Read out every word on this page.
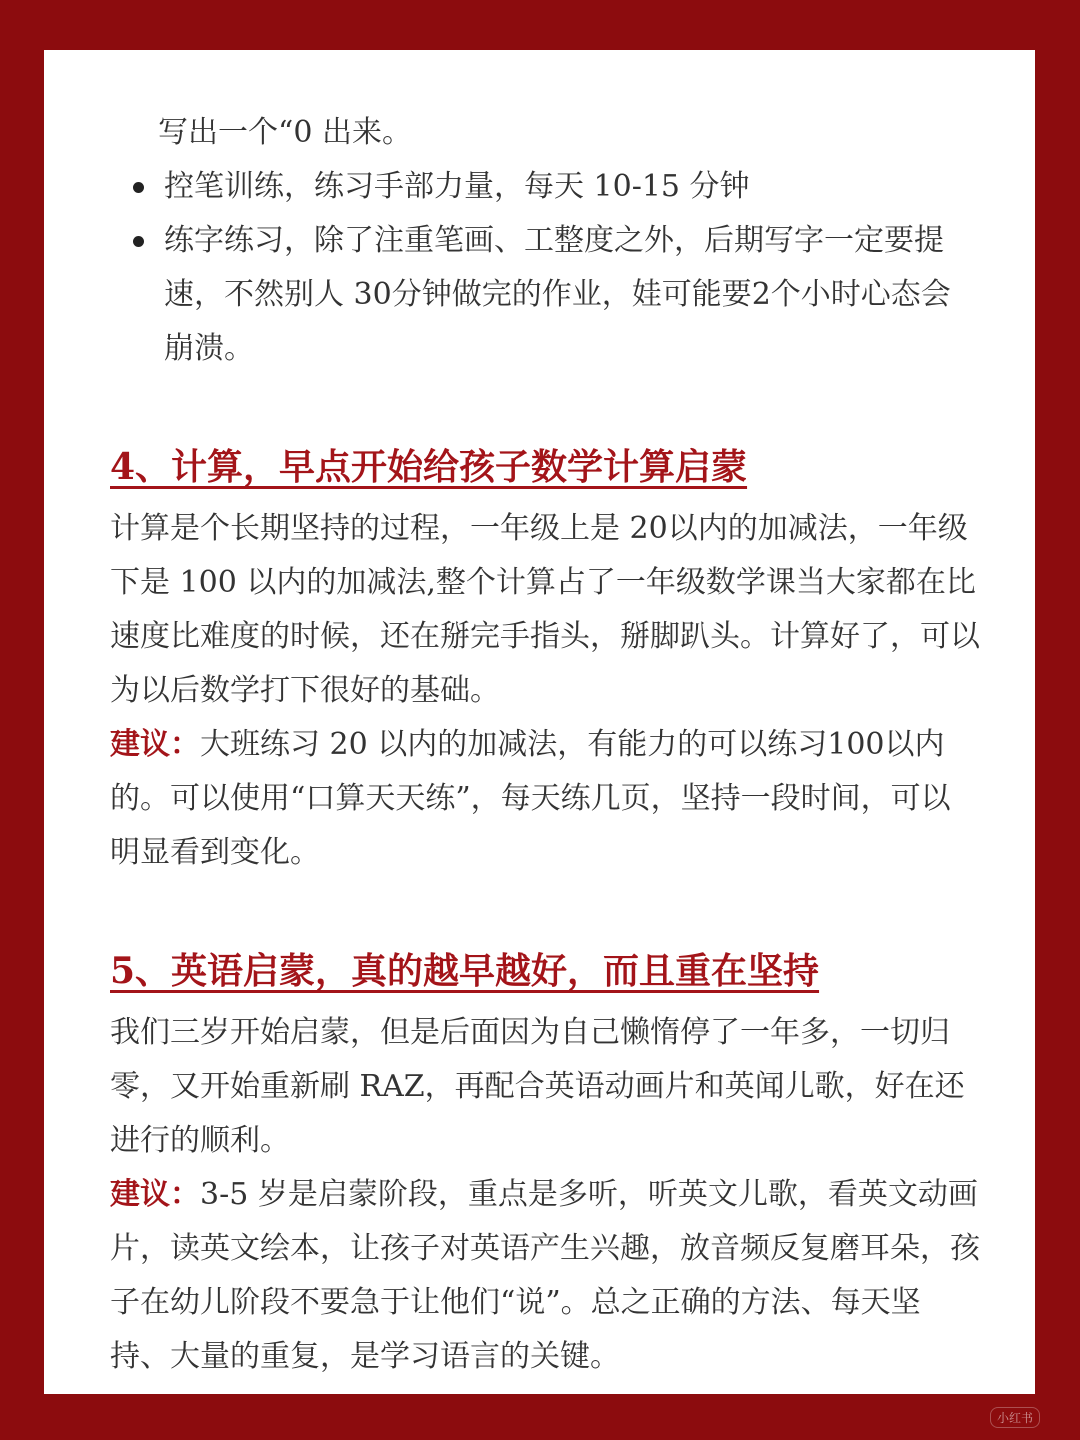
写出一个“0 出来。

控笔训练，练习手部力量，每天 10-15 分钟
练字练习，除了注重笔画、工整度之外，后期写字一定要提速，不然别人 30分钟做完的作业，娃可能要2个小时心态会崩溃。
4、计算，早点开始给孩子数学计算启蒙

计算是个长期坚持的过程，一年级上是 20以内的加减法，一年级下是 100 以内的加减法,整个计算占了一年级数学课当大家都在比速度比难度的时候，还在掰完手指头，掰脚趴头。计算好了，可以为以后数学打下很好的基础。

建议：大班练习 20 以内的加减法，有能力的可以练习100以内的。可以使用“口算天天练”，每天练几页，坚持一段时间，可以明显看到变化。

5、英语启蒙，真的越早越好，而且重在坚持

我们三岁开始启蒙，但是后面因为自己懒惰停了一年多，一切归零，又开始重新刷 RAZ，再配合英语动画片和英闻儿歌，好在还进行的顺利。

建议：3-5 岁是启蒙阶段，重点是多听，听英文儿歌，看英文动画片，读英文绘本，让孩子对英语产生兴趣，放音频反复磨耳朵，孩子在幼儿阶段不要急于让他们“说”。总之正确的方法、每天坚持、大量的重复，是学习语言的关键。

小红书
